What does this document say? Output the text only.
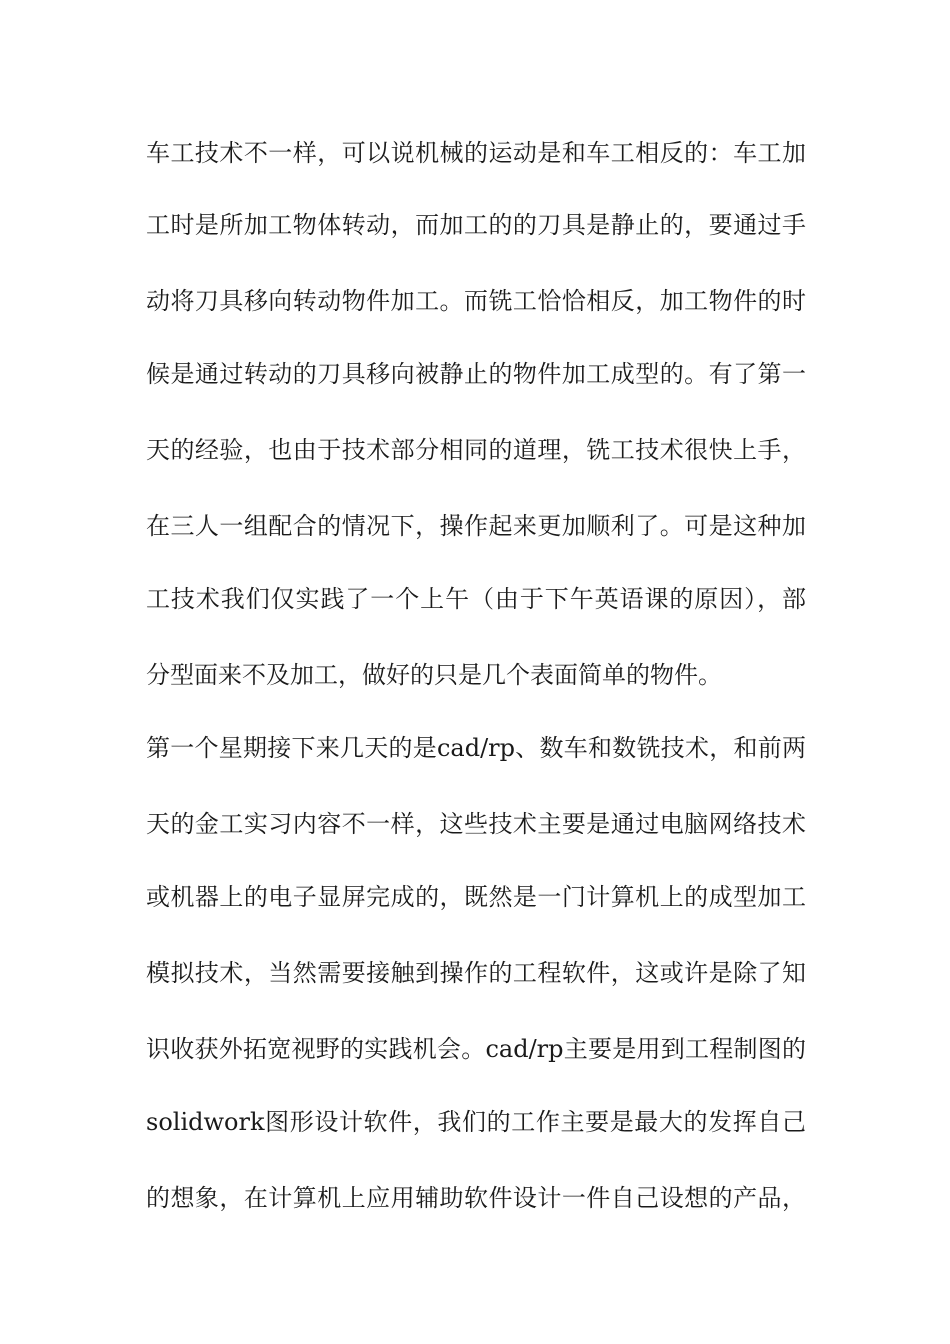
车工技术不一样，可以说机械的运动是和车工相反的：车工加
工时是所加工物体转动，而加工的的刀具是静止的，要通过手
动将刀具移向转动物件加工。而铣工恰恰相反，加工物件的时
候是通过转动的刀具移向被静止的物件加工成型的。有了第一
天的经验，也由于技术部分相同的道理，铣工技术很快上手，
在三人一组配合的情况下，操作起来更加顺利了。可是这种加
工技术我们仅实践了一个上午（由于下午英语课的原因），部
分型面来不及加工，做好的只是几个表面简单的物件。
第一个星期接下来几天的是cad/rp、数车和数铣技术，和前两
天的金工实习内容不一样，这些技术主要是通过电脑网络技术
或机器上的电子显屏完成的，既然是一门计算机上的成型加工
模拟技术，当然需要接触到操作的工程软件，这或许是除了知
识收获外拓宽视野的实践机会。cad/rp主要是用到工程制图的
solidwork图形设计软件，我们的工作主要是最大的发挥自己
的想象，在计算机上应用辅助软件设计一件自己设想的产品，
